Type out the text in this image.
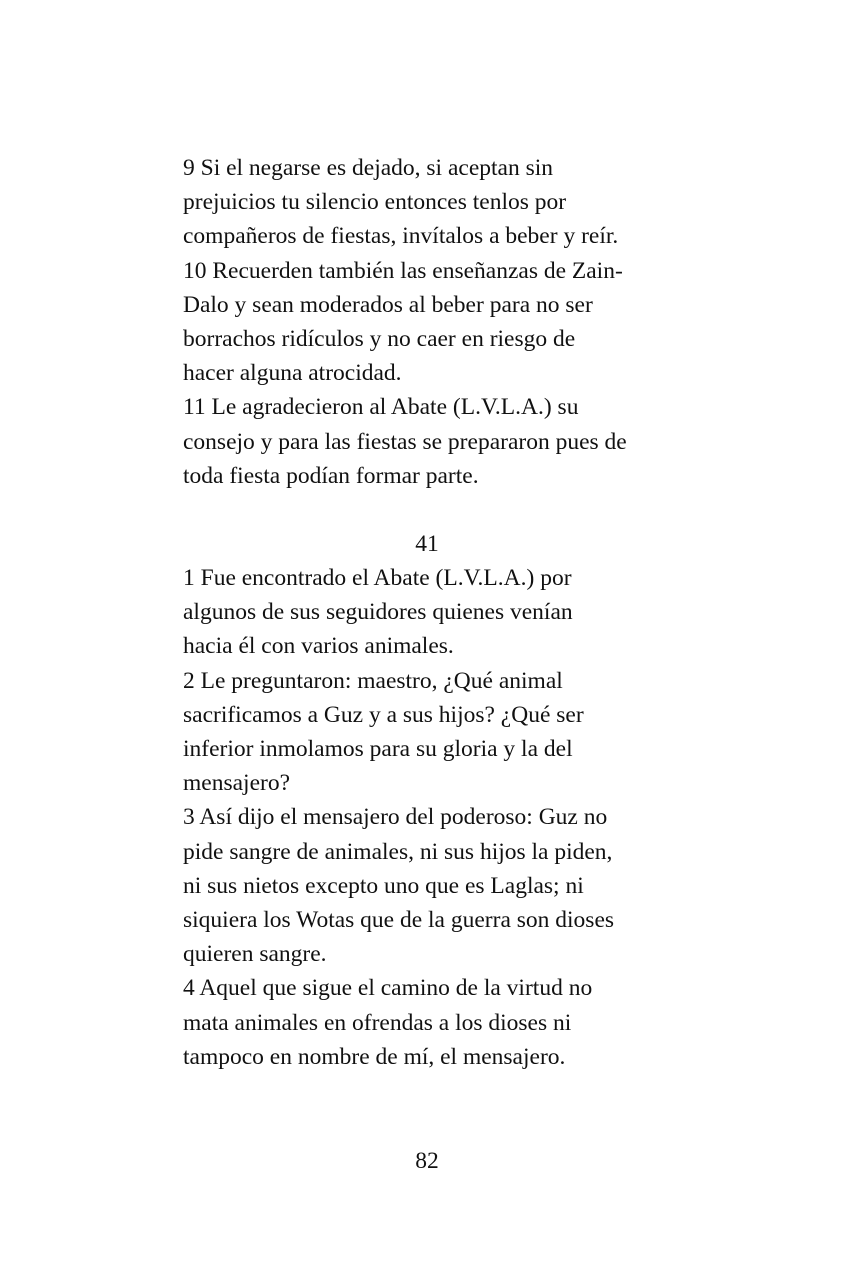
9 Si el negarse es dejado, si aceptan sin
prejuicios tu silencio entonces tenlos por
compañeros de fiestas, invítalos a beber y reír.
10 Recuerden también las enseñanzas de Zain-
Dalo y sean moderados al beber para no ser
borrachos ridículos y no caer en riesgo de
hacer alguna atrocidad.
11 Le agradecieron al Abate (L.V.L.A.) su
consejo y para las fiestas se prepararon pues de
toda fiesta podían formar parte.
41
1 Fue encontrado el Abate (L.V.L.A.) por
algunos de sus seguidores quienes venían
hacia él con varios animales.
2 Le preguntaron: maestro, ¿Qué animal
sacrificamos a Guz y a sus hijos? ¿Qué ser
inferior inmolamos para su gloria y la del
mensajero?
3 Así dijo el mensajero del poderoso: Guz no
pide sangre de animales, ni sus hijos la piden,
ni sus nietos excepto uno que es Laglas; ni
siquiera los Wotas que de la guerra son dioses
quieren sangre.
4 Aquel que sigue el camino de la virtud no
mata animales en ofrendas a los dioses ni
tampoco en nombre de mí, el mensajero.
82
